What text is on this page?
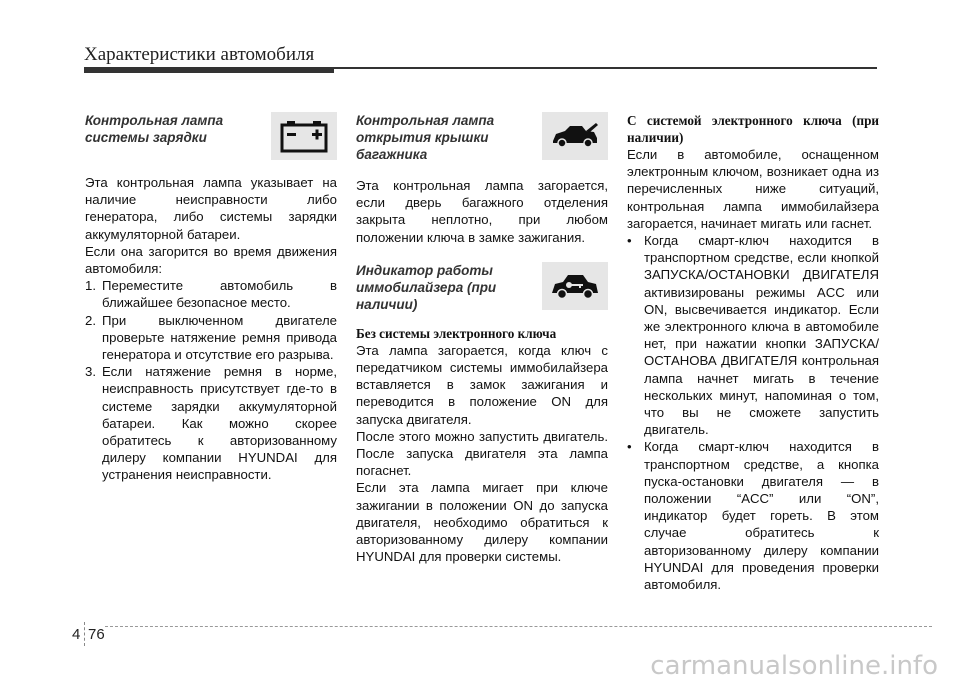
Характеристики автомобиля
Контрольная лампа системы зарядки

Эта контрольная лампа указывает на наличие неисправности либо генератора, либо системы зарядки аккумуляторной батареи.

Если она загорится во время движения автомобиля:

1. Переместите автомобиль в ближайшее безопасное место.
2. При выключенном двигателе проверьте натяжение ремня привода генератора и отсутствие его разрыва.
3. Если натяжение ремня в норме, неисправность присутствует где-то в системе зарядки аккумуляторной батареи. Как можно скорее обратитесь к авторизованному дилеру компании HYUNDAI для устранения неисправности.
Контрольная лампа открытия крышки багажника

Эта контрольная лампа загорается, если дверь багажного отделения закрыта неплотно, при любом положении ключа в замке зажигания.

Индикатор работы иммобилайзера (при наличии)

Без системы электронного ключа

Эта лампа загорается, когда ключ с передатчиком системы иммобилайзера вставляется в замок зажигания и переводится в положение ON для запуска двигателя.

После этого можно запустить двигатель. После запуска двигателя эта лампа погаснет.

Если эта лампа мигает при ключе зажигании в положении ON до запуска двигателя, необходимо обратиться к авторизованному дилеру компании HYUNDAI для проверки системы.

С системой электронного ключа (при наличии)

Если в автомобиле, оснащенном электронным ключом, возникает одна из перечисленных ниже ситуаций, контрольная лампа иммобилайзера загорается, начинает мигать или гаснет.

• Когда смарт-ключ находится в транспортном средстве, если кнопкой ЗАПУСКА/ОСТАНОВКИ ДВИГАТЕЛЯ активизированы режимы ACC или ON, высвечивается индикатор. Если же электронного ключа в автомобиле нет, при нажатии кнопки ЗАПУСКА/ОСТАНОВА ДВИГАТЕЛЯ контрольная лампа начнет мигать в течение нескольких минут, напоминая о том, что вы не сможете запустить двигатель.
• Когда смарт-ключ находится в транспортном средстве, а кнопка пуска-остановки двигателя — в положении “ACC” или “ON”, индикатор будет гореть. В этом случае обратитесь к авторизованному дилеру компании HYUNDAI для проведения проверки автомобиля.
4 76
carmanualsonline.info
